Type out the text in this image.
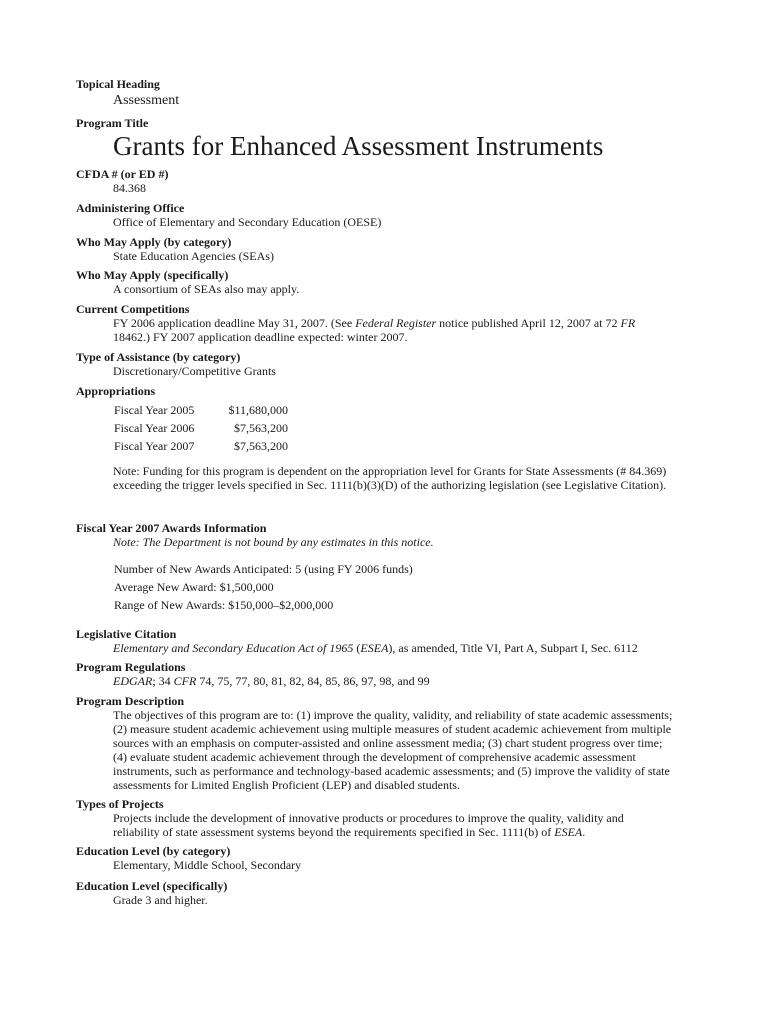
Topical Heading
Assessment
Program Title
Grants for Enhanced Assessment Instruments
CFDA # (or ED #)
84.368
Administering Office
Office of Elementary and Secondary Education (OESE)
Who May Apply (by category)
State Education Agencies (SEAs)
Who May Apply (specifically)
A consortium of SEAs also may apply.
Current Competitions
FY 2006 application deadline May 31, 2007. (See Federal Register notice published April 12, 2007 at 72 FR
18462.) FY 2007 application deadline expected: winter 2007.
Type of Assistance (by category)
Discretionary/Competitive Grants
Appropriations
Fiscal Year 2005	$11,680,000
Fiscal Year 2006	$7,563,200
Fiscal Year 2007	$7,563,200
Note: Funding for this program is dependent on the appropriation level for Grants for State Assessments (# 84.369) exceeding the trigger levels specified in Sec. 1111(b)(3)(D) of the authorizing legislation (see Legislative Citation).
Fiscal Year 2007 Awards Information
Note: The Department is not bound by any estimates in this notice.
Number of New Awards Anticipated: 5 (using FY 2006 funds)
Average New Award: $1,500,000
Range of New Awards: $150,000–$2,000,000
Legislative Citation
Elementary and Secondary Education Act of 1965 (ESEA), as amended, Title VI, Part A, Subpart I, Sec. 6112
Program Regulations
EDGAR; 34 CFR 74, 75, 77, 80, 81, 82, 84, 85, 86, 97, 98, and 99
Program Description
The objectives of this program are to: (1) improve the quality, validity, and reliability of state academic assessments; (2) measure student academic achievement using multiple measures of student academic achievement from multiple sources with an emphasis on computer-assisted and online assessment media; (3) chart student progress over time; (4) evaluate student academic achievement through the development of comprehensive academic assessment instruments, such as performance and technology-based academic assessments; and (5) improve the validity of state assessments for Limited English Proficient (LEP) and disabled students.
Types of Projects
Projects include the development of innovative products or procedures to improve the quality, validity and reliability of state assessment systems beyond the requirements specified in Sec. 1111(b) of ESEA.
Education Level (by category)
Elementary, Middle School, Secondary
Education Level (specifically)
Grade 3 and higher.
